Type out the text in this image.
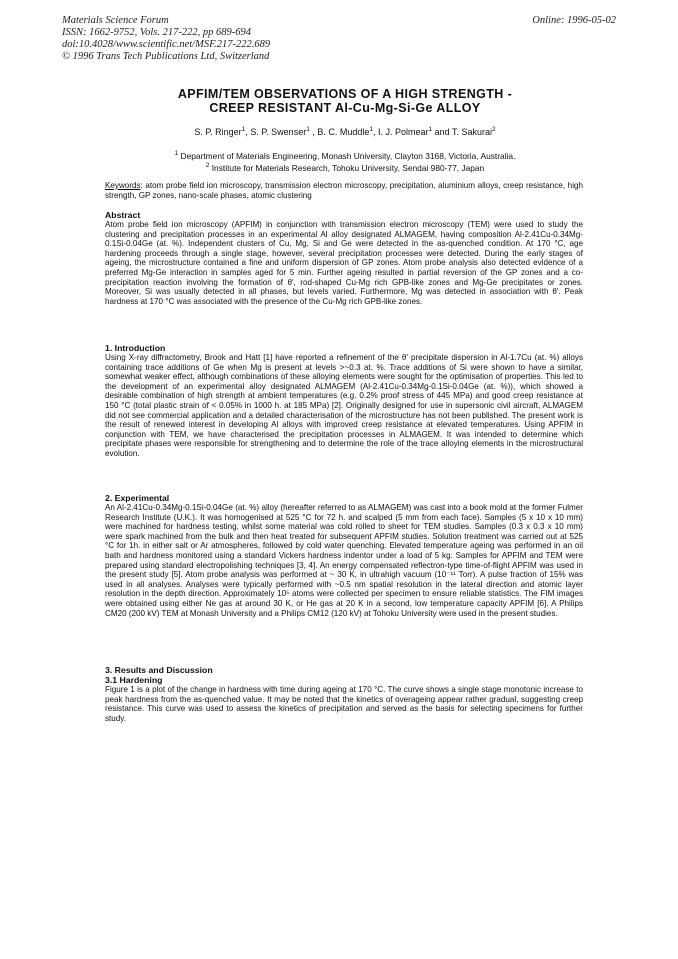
Materials Science Forum
ISSN: 1662-9752, Vols. 217-222, pp 689-694
doi:10.4028/www.scientific.net/MSF.217-222.689
© 1996 Trans Tech Publications Ltd, Switzerland
Online: 1996-05-02
APFIM/TEM OBSERVATIONS OF A HIGH STRENGTH -
CREEP RESISTANT Al-Cu-Mg-Si-Ge ALLOY
S. P. Ringer$^1$, S. P. Swenser$^1$ , B. C. Muddle$^1$, I. J. Polmear$^1$ and T. Sakurai$^2$
$^1$ Department of Materials Engineering, Monash University, Clayton 3168, Victoria, Australia.
$^2$ Institute for Materials Research, Tohoku University, Sendai 980-77, Japan
Keywords: atom probe field ion microscopy, transmission electron microscopy, precipitation, aluminium alloys, creep resistance, high strength, GP zones, nano-scale phases, atomic clustering
Abstract

Atom probe field ion microscopy (APFIM) in conjunction with transmission electron microscopy (TEM) were used to study the clustering and precipitation processes in an experimental Al alloy designated ALMAGEM, having composition Al-2.41Cu-0.34Mg-0.1Si-0.04Ge (at. %). Independent clusters of Cu, Mg, Si and Ge were detected in the as-quenched condition. At 170 °C, age hardening proceeds through a single stage, however, several precipitation processes were detected. During the early stages of ageing, the microstructure contained a fine and uniform dispersion of GP zones. Atom probe analysis also detected evidence of a preferred Mg-Ge interaction in samples aged for 5 min. Further ageing resulted in partial reversion of the GP zones and a co-precipitation reaction involving the formation of θ', rod-shaped Cu-Mg rich GPB-like zones and Mg-Ge precipitates or zones. Moreover, Si was usually detected in all phases, but levels varied. Furthermore, Mg was detected in association with θ'. Peak hardness at 170 °C was associated with the presence of the Cu-Mg rich GPB-like zones.

1. Introduction

Using X-ray diffractometry, Brook and Hatt [1] have reported a refinement of the θ' precipitate dispersion in Al-1.7Cu (at. %) alloys containing trace additions of Ge when Mg is present at levels >~0.3 at. %. Trace additions of Si were shown to have a similar, somewhat weaker effect, although combinations of these alloying elements were sought for the optimisation of properties. This led to the development of an experimental alloy designated ALMAGEM (Al-2.41Cu-0.34Mg-0.1Si-0.04Ge (at. %)), which showed a desirable combination of high strength at ambient temperatures (e.g. 0.2% proof stress of 445 MPa) and good creep resistance at 150 °C (total plastic strain of < 0.05% in 1000 h. at 185 MPa) [2]. Originally designed for use in supersonic civil aircraft, ALMAGEM did not see commercial application and a detailed characterisation of the microstructure has not been published. The present work is the result of renewed interest in developing Al alloys with improved creep resistance at elevated temperatures. Using APFIM in conjunction with TEM, we have characterised the precipitation processes in ALMAGEM. It was intended to determine which precipitate phases were responsible for strengthening and to determine the role of the trace alloying elements in the microstructural evolution.

2. Experimental

An Al-2.41Cu-0.34Mg-0.1Si-0.04Ge (at. %) alloy (hereafter referred to as ALMAGEM) was cast into a book mold at the former Fulmer Research Institute (U.K.). It was homogenised at 525 °C for 72 h. and scalped (5 mm from each face). Samples (5 x 10 x 10 mm) were machined for hardness testing, whilst some material was cold rolled to sheet for TEM studies. Samples (0.3 x 0.3 x 10 mm) were spark machined from the bulk and then heat treated for subsequent APFIM studies. Solution treatment was carried out at 525 °C for 1h. in either salt or Ar atmospheres, followed by cold water quenching. Elevated temperature ageing was performed in an oil bath and hardness monitored using a standard Vickers hardness indentor under a load of 5 kg. Samples for APFIM and TEM were prepared using standard electropolishing techniques [3, 4]. An energy compensated reflectron-type time-of-flight APFIM was used in the present study [5]. Atom probe analysis was performed at ~ 30 K, in ultrahigh vacuum (10⁻¹¹ Torr). A pulse fraction of 15% was used in all analyses. Analyses were typically performed with ~0.5 nm spatial resolution in the lateral direction and atomic layer resolution in the depth direction. Approximately 10⁵ atoms were collected per specimen to ensure reliable statistics. The FIM images were obtained using either Ne gas at around 30 K, or He gas at 20 K in a second, low temperature capacity APFIM [6]. A Philips CM20 (200 kV) TEM at Monash University and a Philips CM12 (120 kV) at Tohoku University were used in the present studies.

3. Results and Discussion
3.1 Hardening

Figure 1 is a plot of the change in hardness with time during ageing at 170 °C. The curve shows a single stage monotonic increase to peak hardness from the as-quenched value. It may be noted that the kinetics of overageing appear rather gradual, suggesting creep resistance. This curve was used to assess the kinetics of precipitation and served as the basis for selecting specimens for further study.
